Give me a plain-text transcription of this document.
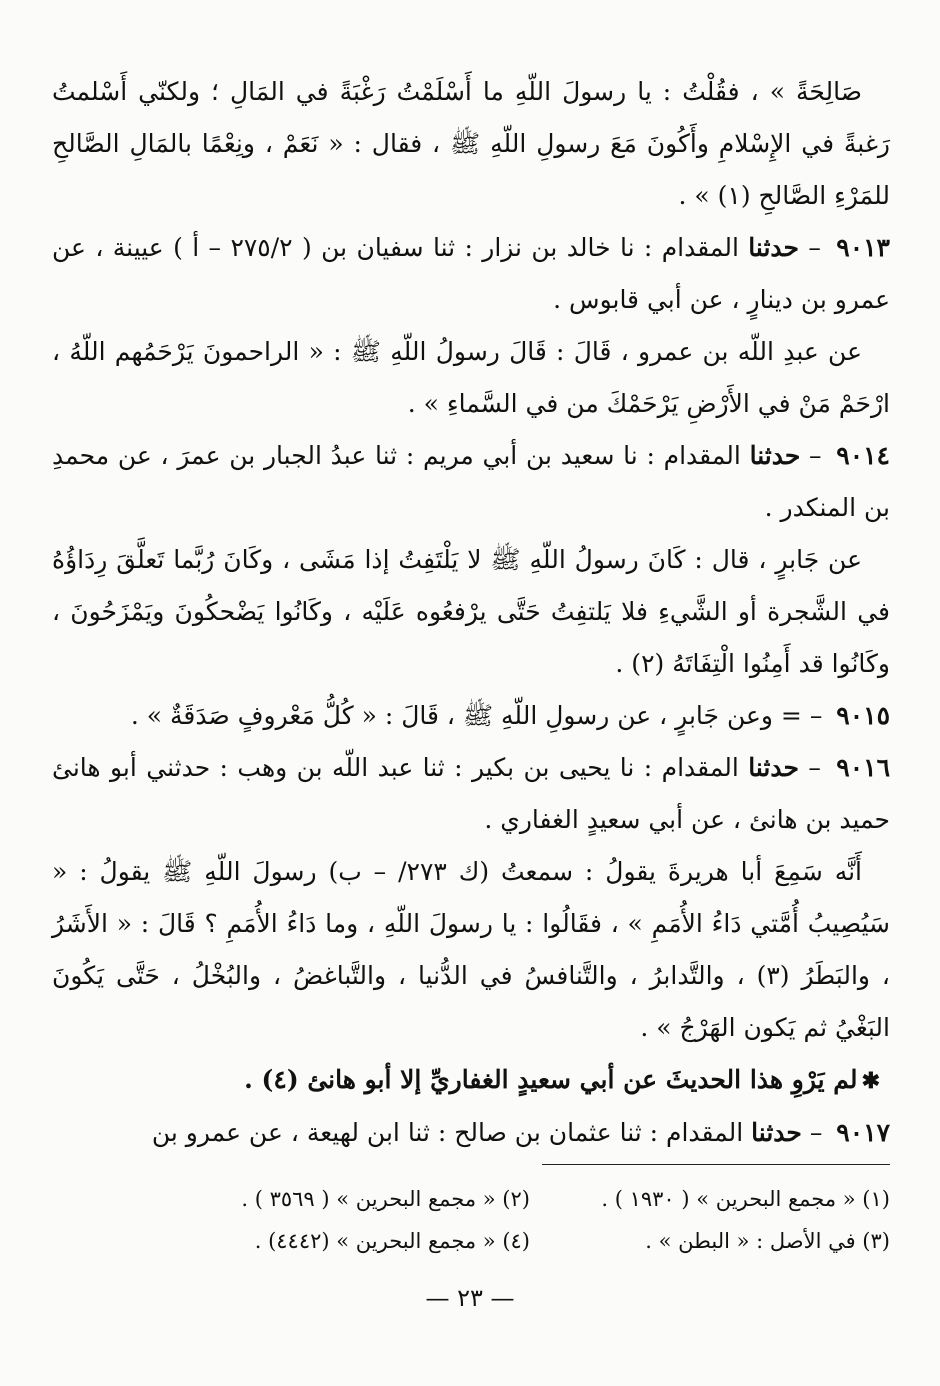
صَالِحَةً » ، فقُلْتُ : يا رسولَ اللّهِ ما أَسْلَمْتُ رَغْبَةً في المَالِ ؛ ولكنّي أَسْلمتُ رَغبةً في الإِسْلامِ وأَكُونَ مَعَ رسولِ اللّهِ ﷺ ، فقال : « نَعَمْ ، ونِعْمًا بالمَالِ الصَّالحِ للمَرْءِ الصَّالحِ (١) » .

٩٠١٣ – حدثنا المقدام : نا خالد بن نزار : ثنا سفيان بن ( ٢٧٥/٢ – أ ) عيينة ، عن عمرو بن دينارٍ ، عن أبي قابوس .

عن عبدِ اللّه بن عمرو ، قَالَ : قَالَ رسولُ اللّهِ ﷺ : « الراحمونَ يَرْحَمُهم اللّهُ ، ارْحَمْ مَنْ في الأَرْضِ يَرْحَمْكَ من في السَّماءِ » .

٩٠١٤ – حدثنا المقدام : نا سعيد بن أبي مريم : ثنا عبدُ الجبار بن عمرَ ، عن محمدِ بن المنكدر .

عن جَابرٍ ، قال : كَانَ رسولُ اللّهِ ﷺ لا يَلْتَفِتُ إذا مَشَى ، وكَانَ رُبَّما تَعلَّقَ رِدَاؤُهُ في الشَّجرة أو الشَّيءِ فلا يَلتفِتُ حَتَّى يرْفعُوه عَلَيْه ، وكَانُوا يَضْحكُونَ ويَمْزَحُونَ ، وكَانُوا قد أَمِنُوا الْتِفَاتَهُ (٢) .

٩٠١٥ – = وعن جَابرٍ ، عن رسولِ اللّهِ ﷺ ، قَالَ : « كُلُّ مَعْروفٍ صَدَقَةٌ » .

٩٠١٦ – حدثنا المقدام : نا يحيى بن بكير : ثنا عبد اللّه بن وهب : حدثني أبو هانئ حميد بن هانئ ، عن أبي سعيدٍ الغفاري .

أَنَّه سَمِعَ أبا هريرةَ يقولُ : سمعتُ (ك ٢٧٣/ – ب) رسولَ اللّهِ ﷺ يقولُ : « سَيُصِيبُ أُمَّتي دَاءُ الأُمَمِ » ، فقَالُوا : يا رسولَ اللّهِ ، وما دَاءُ الأُمَمِ ؟ قَالَ : « الأَشَرُ ، والبَطَرُ (٣) ، والتَّدابرُ ، والتَّنافسُ في الدُّنيا ، والتَّباغضُ ، والبُخْلُ ، حَتَّى يَكُونَ البَغْيُ ثم يَكون الهَرْجُ » .

✱لم يَرْوِ هذا الحديثَ عن أبي سعيدٍ الغفاريِّ إلا أبو هانئ (٤) .

٩٠١٧ – حدثنا المقدام : ثنا عثمان بن صالح : ثنا ابن لهيعة ، عن عمرو بن

(١) « مجمع البحرين » ( ١٩٣٠ ) .
(٢) « مجمع البحرين » ( ٣٥٦٩ ) .
(٣) في الأصل : « البطن » .
(٤) « مجمع البحرين » (٤٤٤٢) .
— ٢٣ —
